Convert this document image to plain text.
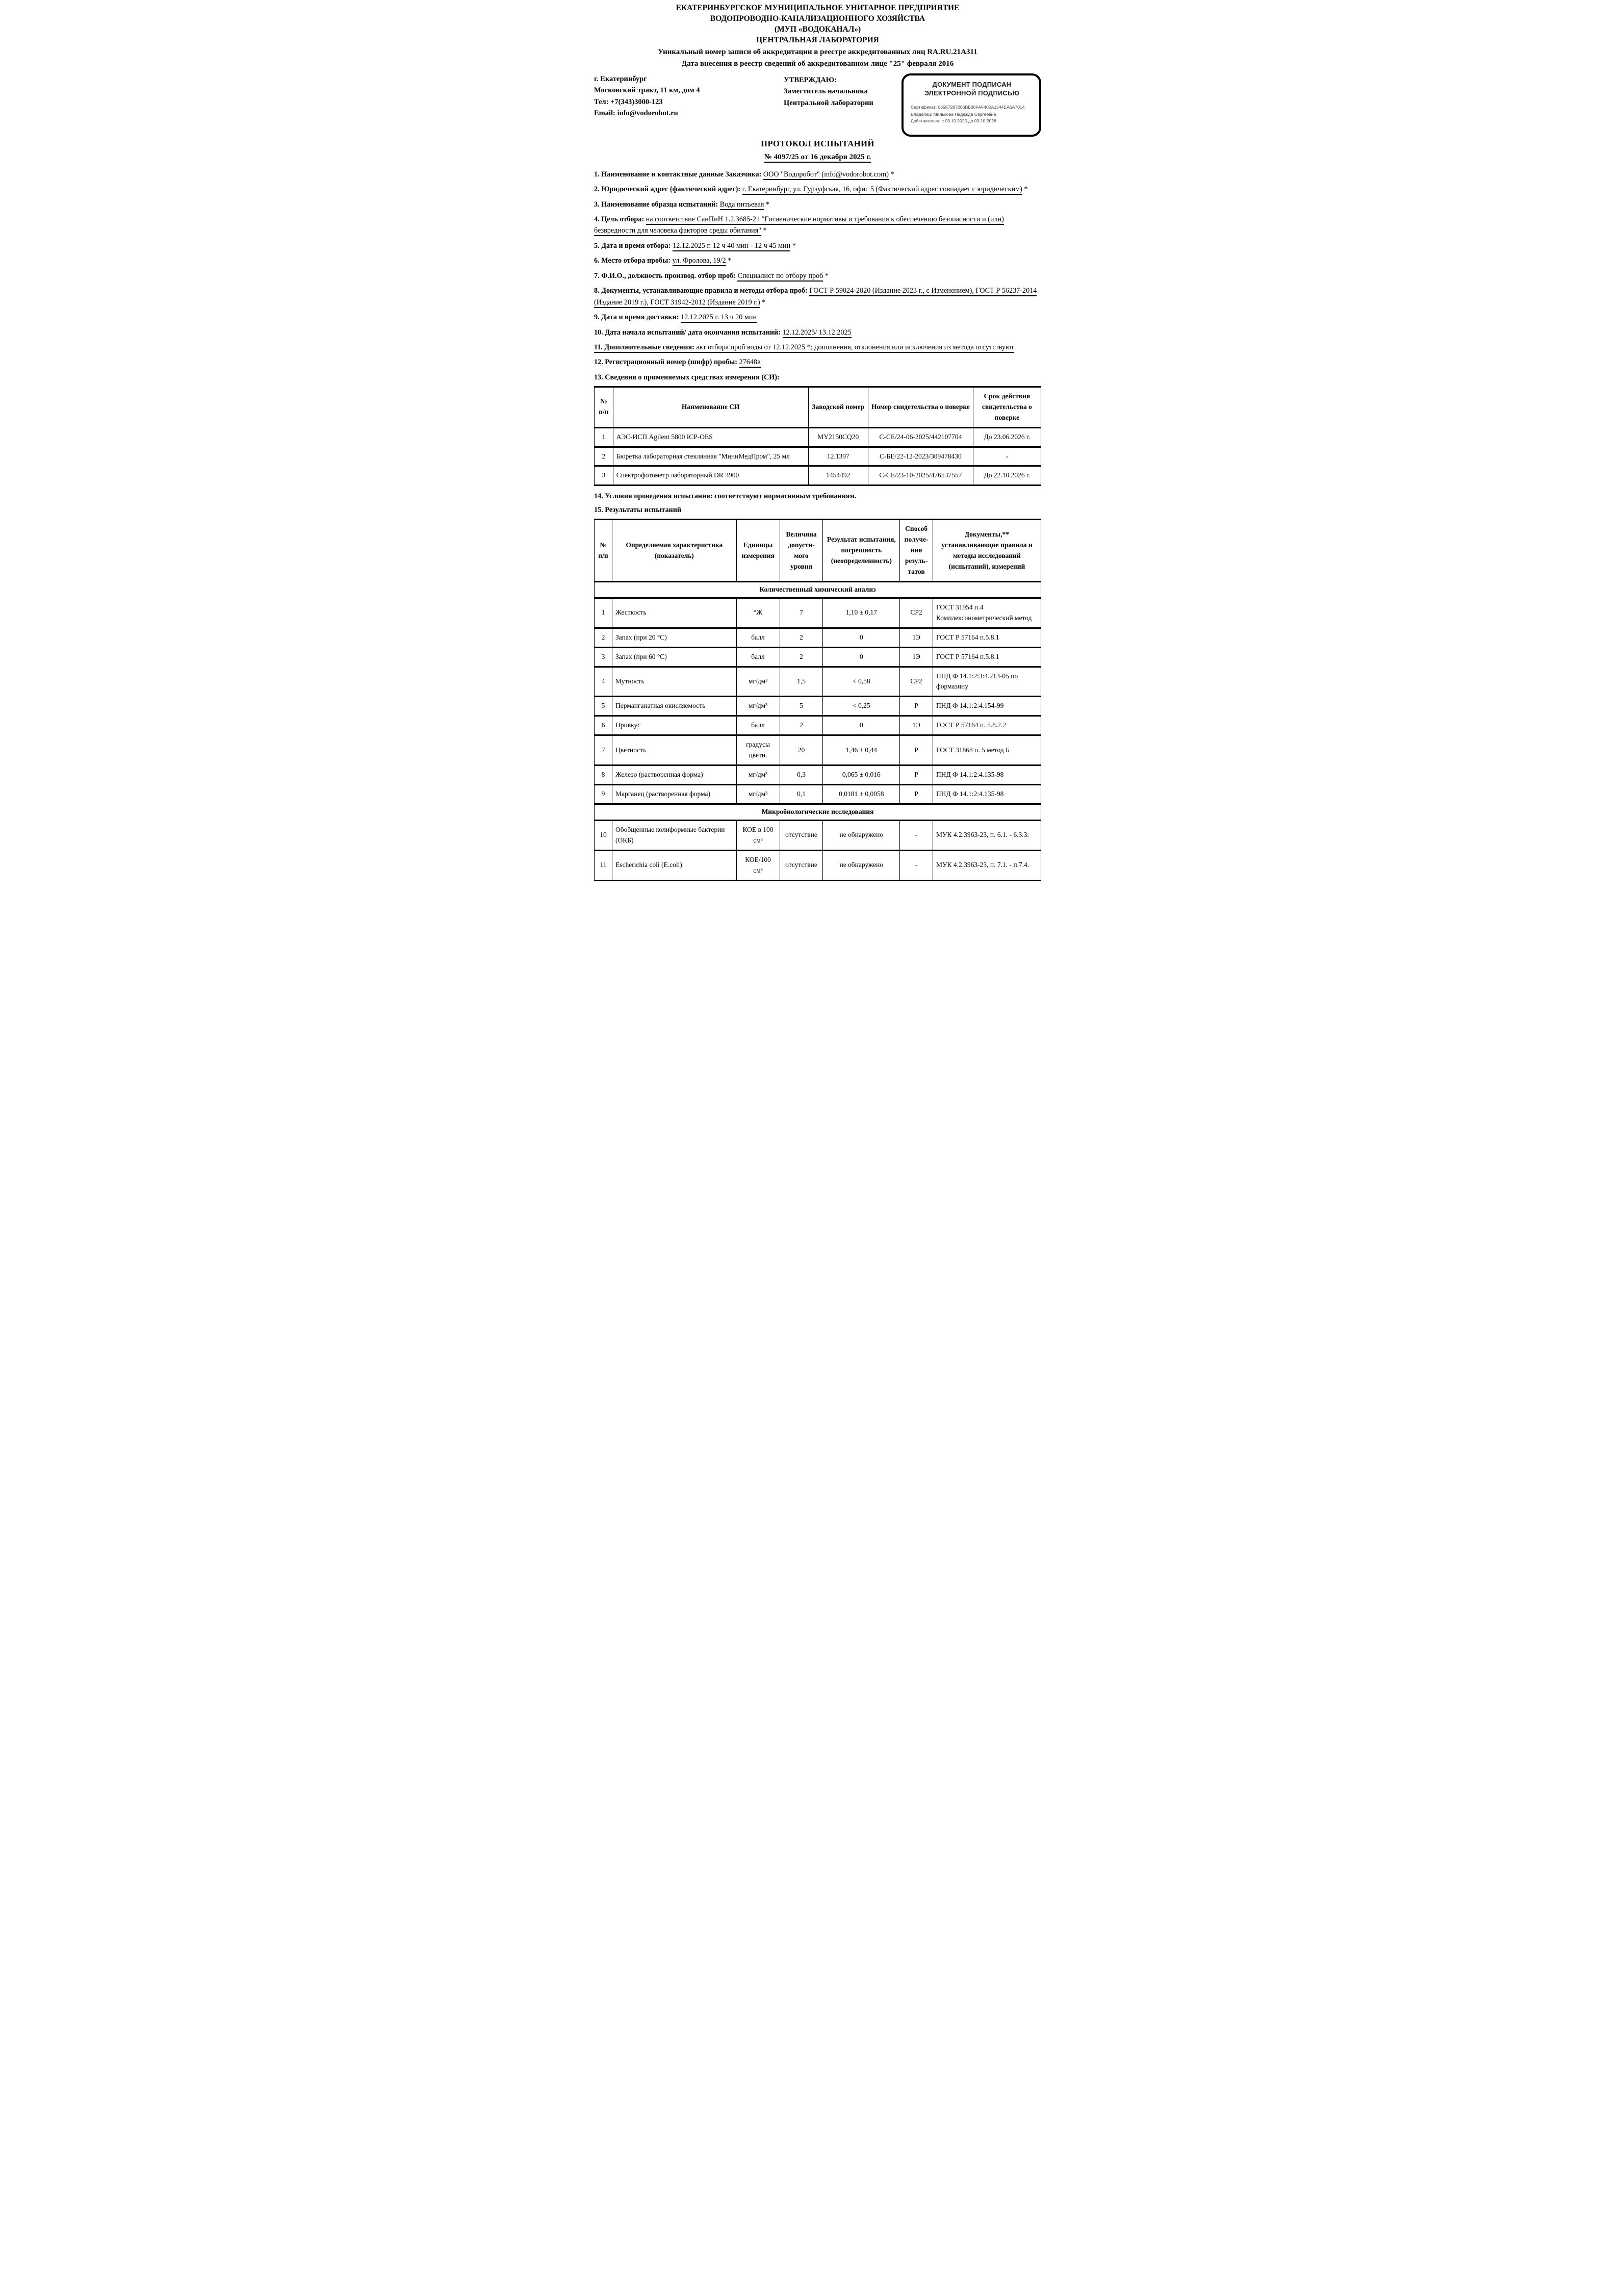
ЕКАТЕРИНБУРГСКОЕ МУНИЦИПАЛЬНОЕ УНИТАРНОЕ ПРЕДПРИЯТИЕ
ВОДОПРОВОДНО-КАНАЛИЗАЦИОННОГО ХОЗЯЙСТВА
(МУП «ВОДОКАНАЛ»)
ЦЕНТРАЛЬНАЯ ЛАБОРАТОРИЯ
Уникальный номер записи об аккредитации в реестре аккредитованных лиц RA.RU.21А311
Дата внесения в реестр сведений об аккредитованном лице "25" февраля 2016
г. Екатеринбург
Московский тракт, 11 км, дом 4
Тел: +7(343)3000-123
Email: info@vodorobot.ru
УТВЕРЖДАЮ:
Заместитель начальника
Центральной лаборатории
ДОКУМЕНТ ПОДПИСАН
ЭЛЕКТРОННОЙ ПОДПИСЬЮ
Сертификат: 065F7287006BB38FAF402A1544EA6A7014
Владелец: Милькова Надежда Сергеевна
Действителен: с 03.10.2025 до 03.10.2026
ПРОТОКОЛ ИСПЫТАНИЙ
№ 4097/25 от 16 декабря 2025 г.

1. Наименование и контактные данные Заказчика: ООО "Водоробот" (info@vodorobot.com) *

2. Юридический адрес (фактический адрес): г. Екатеринбург, ул. Гурзуфская, 16, офис 5 (Фактический адрес совпадает с юридическим) *

3. Наименование образца испытаний: Вода питьевая *

4. Цель отбора: на соответствие СанПиН 1.2.3685-21 "Гигиенические нормативы и требования к обеспечению безопасности и (или) безвредности для человека факторов среды обитания" *

5. Дата и время отбора: 12.12.2025 г. 12 ч 40 мин - 12 ч 45 мин *

6. Место отбора пробы: ул. Фролова, 19/2 *

7. Ф.И.О., должность производ. отбор проб: Специалист по отбору проб *

8. Документы, устанавливающие правила и методы отбора проб: ГОСТ Р 59024-2020 (Издание 2023 г., с Изменением), ГОСТ Р 56237-2014 (Издание 2019 г.), ГОСТ 31942-2012 (Издание 2019 г.) *

9. Дата и время доставки: 12.12.2025 г. 13 ч 20 мин

10. Дата начала испытаний/ дата окончания испытаний: 12.12.2025/ 13.12.2025

11. Дополнительные сведения: акт отбора проб воды от 12.12.2025 *; дополнения, отклонения или исключения из метода отсутствуют

12. Регистрационный номер (шифр) пробы: 27648в

13. Сведения о применяемых средствах измерения (СИ):
№ п/п	Наименование СИ	Заводской номер	Номер свидетельства о поверке	Срок действия свидетельства о поверке
1	АЭС-ИСП Agilent 5800 ICP-OES	MY2150CQ20	С-СЕ/24-06-2025/442107704	До 23.06.2026 г.
2	Бюретка лабораторная стеклянная "МиниМедПром", 25 мл	12.1397	С-БЕ/22-12-2023/309478430	-
3	Спектрофотометр лабораторный DR 3900	1454492	С-СЕ/23-10-2025/476537557	До 22.10.2026 г.
14. Условия проведения испытания: соответствуют нормативным требованиям.
15. Результаты испытаний
№ п/п	Определяемая характеристика (показатель)	Единицы измерения	Величина допусти-мого уровня	Результат испытания, погрешность (неопределенность)	Способ получе-ния резуль-татов	Документы,** устанавливающие правила и методы исследований (испытаний), измерений
Количественный химический анализ						
1	Жесткость	°Ж	7	1,10 ± 0,17	СР2	ГОСТ 31954 п.4 Комплексонометрический метод
2	Запах (при 20 °С)	балл	2	0	1Э	ГОСТ Р 57164 п.5.8.1
3	Запах (при 60 °С)	балл	2	0	1Э	ГОСТ Р 57164 п.5.8.1
4	Мутность	мг/дм³	1,5	< 0,58	СР2	ПНД Ф 14.1:2:3:4.213-05 по формазину
5	Перманганатная окисляемость	мг/дм³	5	< 0,25	Р	ПНД Ф 14.1:2:4.154-99
6	Привкус	балл	2	0	1Э	ГОСТ Р 57164 п. 5.8.2.2
7	Цветность	градусы цветн.	20	1,46 ± 0,44	Р	ГОСТ 31868 п. 5 метод Б
8	Железо (растворенная форма)	мг/дм³	0,3	0,065 ± 0,016	Р	ПНД Ф 14.1:2:4.135-98
9	Марганец (растворенная форма)	мг/дм³	0,1	0,0181 ± 0,0058	Р	ПНД Ф 14.1:2:4.135-98
Микробиологические исследования						
10	Обобщенные колиформные бактерии (ОКБ)	КОЕ в 100 см³	отсутствие	не обнаружено	-	МУК 4.2.3963-23, п. 6.1. - 6.3.3.
11	Escherichia coli (E.coli)	КОЕ/100 см³	отсутствие	не обнаружено	-	МУК 4.2.3963-23, п. 7.1. - п.7.4.
